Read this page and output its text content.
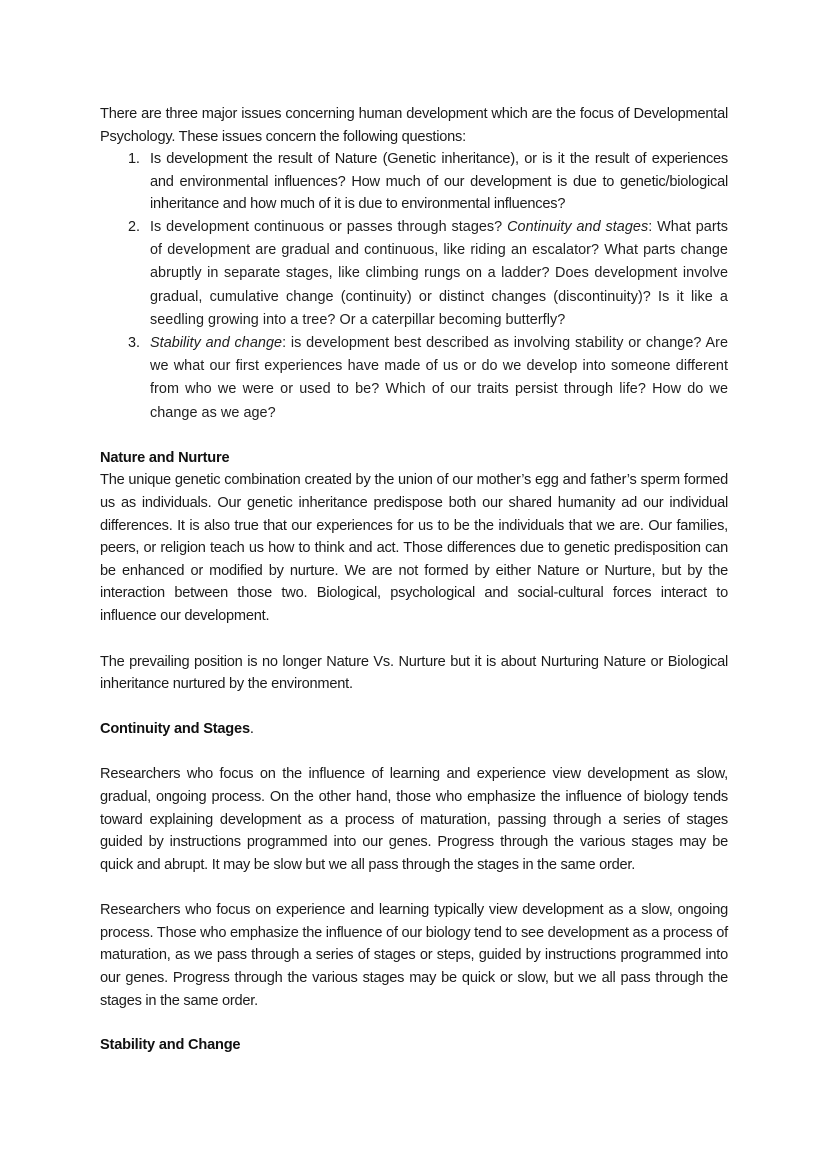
There are three major issues concerning human development which are the focus of Developmental Psychology. These issues concern the following questions:

1. Is development the result of Nature (Genetic inheritance), or is it the result of experiences and environmental influences? How much of our development is due to genetic/biological inheritance and how much of it is due to environmental influences?

2. Is development continuous or passes through stages? Continuity and stages: What parts of development are gradual and continuous, like riding an escalator? What parts change abruptly in separate stages, like climbing rungs on a ladder? Does development involve gradual, cumulative change (continuity) or distinct changes (discontinuity)? Is it like a seedling growing into a tree? Or a caterpillar becoming butterfly?

3. Stability and change: is development best described as involving stability or change? Are we what our first experiences have made of us or do we develop into someone different from who we were or used to be? Which of our traits persist through life? How do we change as we age?

Nature and Nurture

The unique genetic combination created by the union of our mother’s egg and father’s sperm formed us as individuals. Our genetic inheritance predispose both our shared humanity ad our individual differences. It is also true that our experiences for us to be the individuals that we are. Our families, peers, or religion teach us how to think and act. Those differences due to genetic predisposition can be enhanced or modified by nurture. We are not formed by either Nature or Nurture, but by the interaction between those two. Biological, psychological and social-cultural forces interact to influence our development.

The prevailing position is no longer Nature Vs. Nurture but it is about Nurturing Nature or Biological inheritance nurtured by the environment.

Continuity and Stages.

Researchers who focus on the influence of learning and experience view development as slow, gradual, ongoing process. On the other hand, those who emphasize the influence of biology tends toward explaining development as a process of maturation, passing through a series of stages guided by instructions programmed into our genes. Progress through the various stages may be quick and abrupt. It may be slow but we all pass through the stages in the same order.

Researchers who focus on experience and learning typically view development as a slow, ongoing process. Those who emphasize the influence of our biology tend to see development as a process of maturation, as we pass through a series of stages or steps, guided by instructions programmed into our genes. Progress through the various stages may be quick or slow, but we all pass through the stages in the same order.

Stability and Change
